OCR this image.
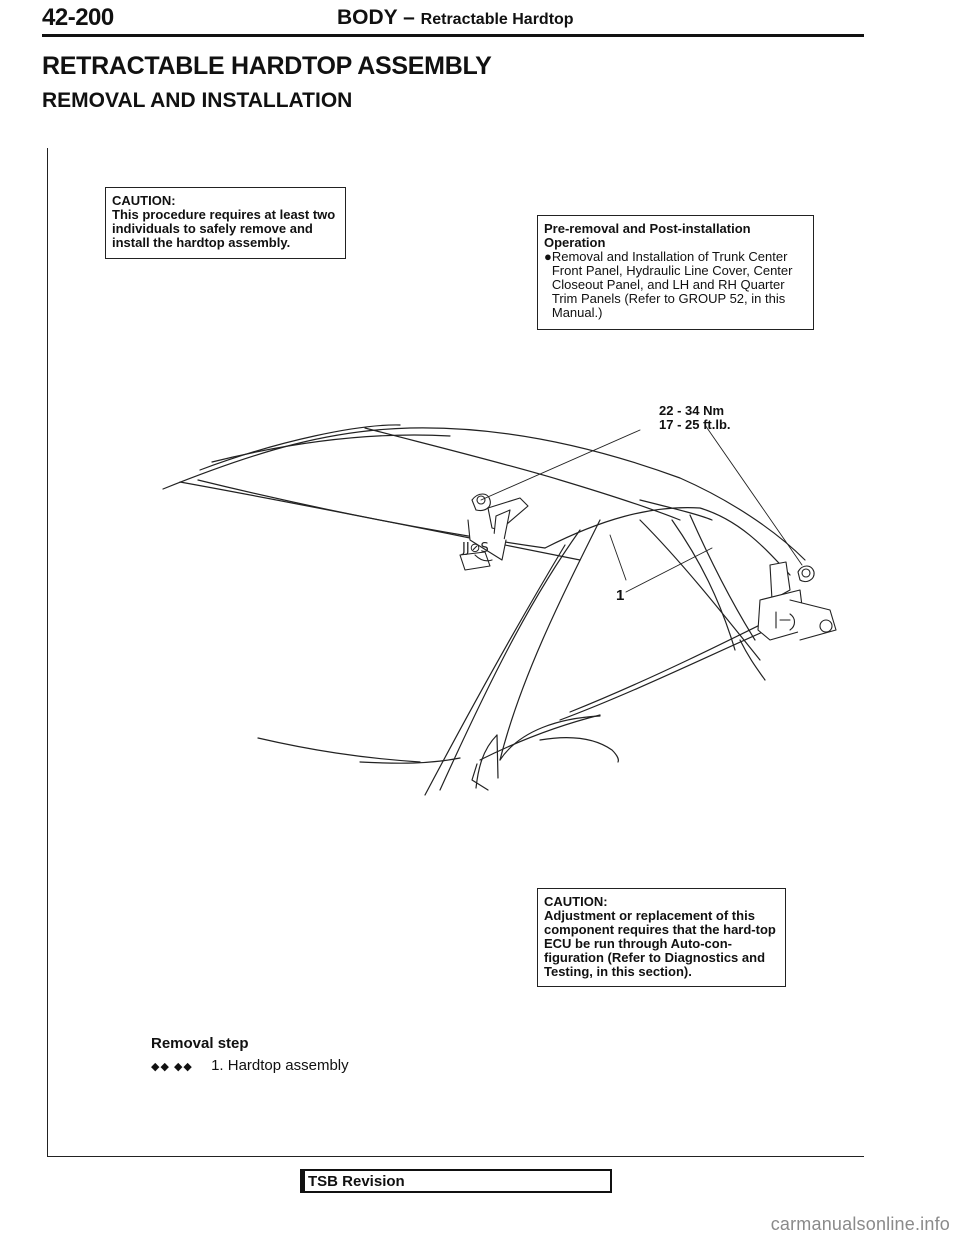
42-200	BODY – Retractable Hardtop
RETRACTABLE HARDTOP ASSEMBLY
REMOVAL AND INSTALLATION
JJ⊘S
CAUTION:
This procedure requires at least two individuals to safely remove and install the hardtop assembly.
Pre-removal and Post-installation Operation
● Removal and Installation of Trunk Center Front Panel, Hydraulic Line Cover, Center Closeout Panel, and LH and RH Quarter Trim Panels (Refer to GROUP 52, in this Manual.)
22 - 34 Nm
17 - 25 ft.lb.
1
CAUTION:
Adjustment or replacement of this component requires that the hard-top ECU be run through Auto-con-figuration (Refer to Diagnostics and Testing, in this section).
Removal step
◆◆ ◆◆ 1. Hardtop assembly
TSB Revision
carmanualsonline.info
